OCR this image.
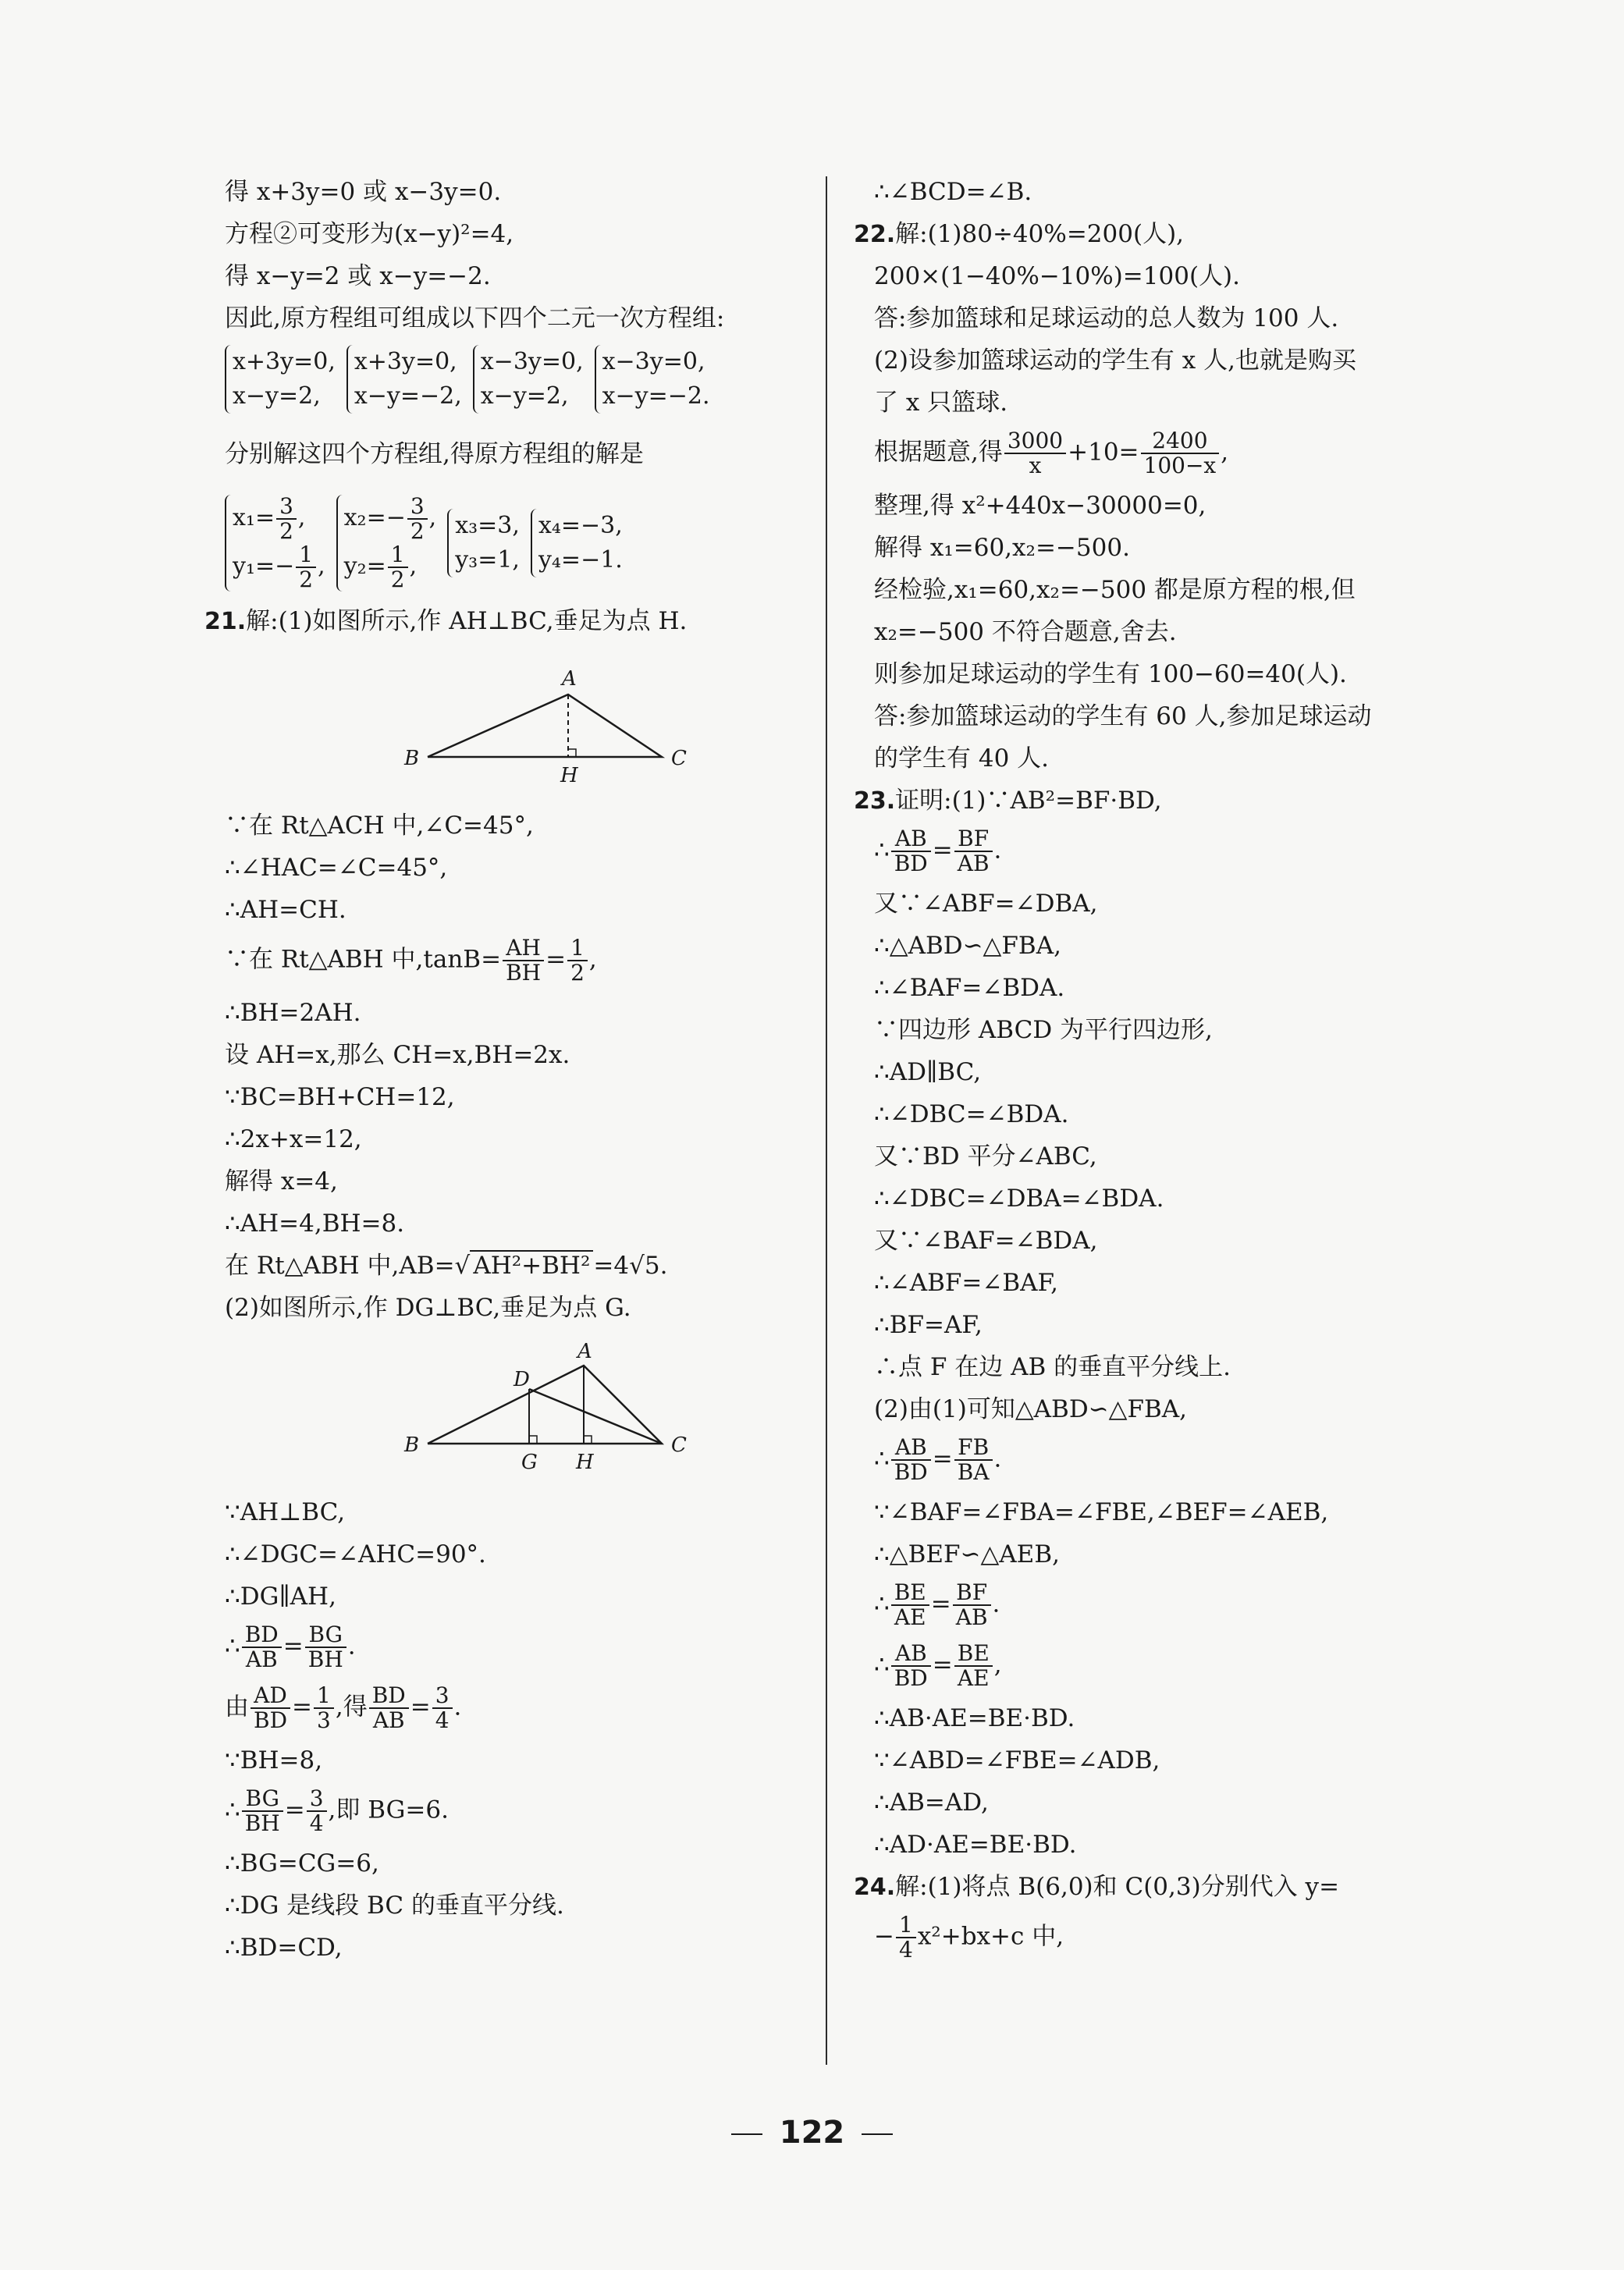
得 x+3y=0 或 x−3y=0.
方程②可变形为(x−y)²=4,
得 x−y=2 或 x−y=−2.
因此,原方程组可组成以下四个二元一次方程组:
x+3y=0,
x−y=2,
x+3y=0,
x−y=−2,
x−3y=0,
x−y=2,
x−3y=0,
x−y=−2.
分别解这四个方程组,得原方程组的解是
$x_1= \frac{3}{2}$ ,
$y_1=- \frac{1}{2}$ ,
$x_2=- \frac{3}{2}$ ,
$y_2= \frac{1}{2}$ ,
x₃=3,
y₃=1,
x₄=−3,
y₄=−1.
21.解:(1)如图所示,作 AH⊥BC,垂足为点 H.
A
B	C
H
∵在 Rt△ACH 中,∠C=45°,
∴∠HAC=∠C=45°,
∴AH=CH.
∵在 Rt△ABH 中$,\tan B= \frac{AH}{BH} = \frac{1}{2}$ ,
∴BH=2AH.
设 AH=x,那么 CH=x,BH=2x.
∵BC=BH+CH=12,
∴2x+x=12,
解得 x=4,
∴AH=4,BH=8.
在 Rt△ABH 中,AB=√ AH²+BH² =4√5.
(2)如图所示,作 DG⊥BC,垂足为点 G.
A
D
B	C
G H
∵AH⊥BC,
∴∠DGC=∠AHC=90°.
∴DG∥AH,
∴ $\frac{BD}{AB} = \frac{BG}{BH}$ .
由 $\frac{AD}{BD} = \frac{1}{3}$ ,得 $\frac{BD}{AB} = \frac{3}{4}$ .
∵BH=8,
∴ $\frac{BG}{BH} = \frac{3}{4}$ ,即 BG=6.
∴BG=CG=6,
∴DG 是线段 BC 的垂直平分线.
∴BD=CD,
∴∠BCD=∠B.
22.解:(1)80÷40%=200(人),
200×(1−40%−10%)=100(人).
答:参加篮球和足球运动的总人数为 100 人.
(2)设参加篮球运动的学生有 x 人,也就是购买
了 x 只篮球.
根据题意,得 $\frac{3000}{x} +10= \frac{2400}{100-x}$ ,
整理,得 x²+440x−30000=0,
解得 x₁=60,x₂=−500.
经检验,x₁=60,x₂=−500 都是原方程的根,但
x₂=−500 不符合题意,舍去.
则参加足球运动的学生有 100−60=40(人).
答:参加篮球运动的学生有 60 人,参加足球运动
的学生有 40 人.
23.证明:(1)∵AB²=BF·BD,
∴ $\frac{AB}{BD} = \frac{BF}{AB}$ .
又∵∠ABF=∠DBA,
∴△ABD∽△FBA,
∴∠BAF=∠BDA.
∵四边形 ABCD 为平行四边形,
∴AD∥BC,
∴∠DBC=∠BDA.
又∵BD 平分∠ABC,
∴∠DBC=∠DBA=∠BDA.
又∵∠BAF=∠BDA,
∴∠ABF=∠BAF,
∴BF=AF,
∴点 F 在边 AB 的垂直平分线上.
(2)由(1)可知△ABD∽△FBA,
∴ $\frac{AB}{BD} = \frac{FB}{BA}$ .
∵∠BAF=∠FBA=∠FBE,∠BEF=∠AEB,
∴△BEF∽△AEB,
∴ $\frac{BE}{AE} = \frac{BF}{AB}$ .
∴ $\frac{AB}{BD} = \frac{BE}{AE}$ ,
∴AB·AE=BE·BD.
∵∠ABD=∠FBE=∠ADB,
∴AB=AD,
∴AD·AE=BE·BD.
24.解:(1)将点 B(6,0)和 C(0,3)分别代入 y=
− $\frac{1}{4} x^2+bx+c$ 中,
122
